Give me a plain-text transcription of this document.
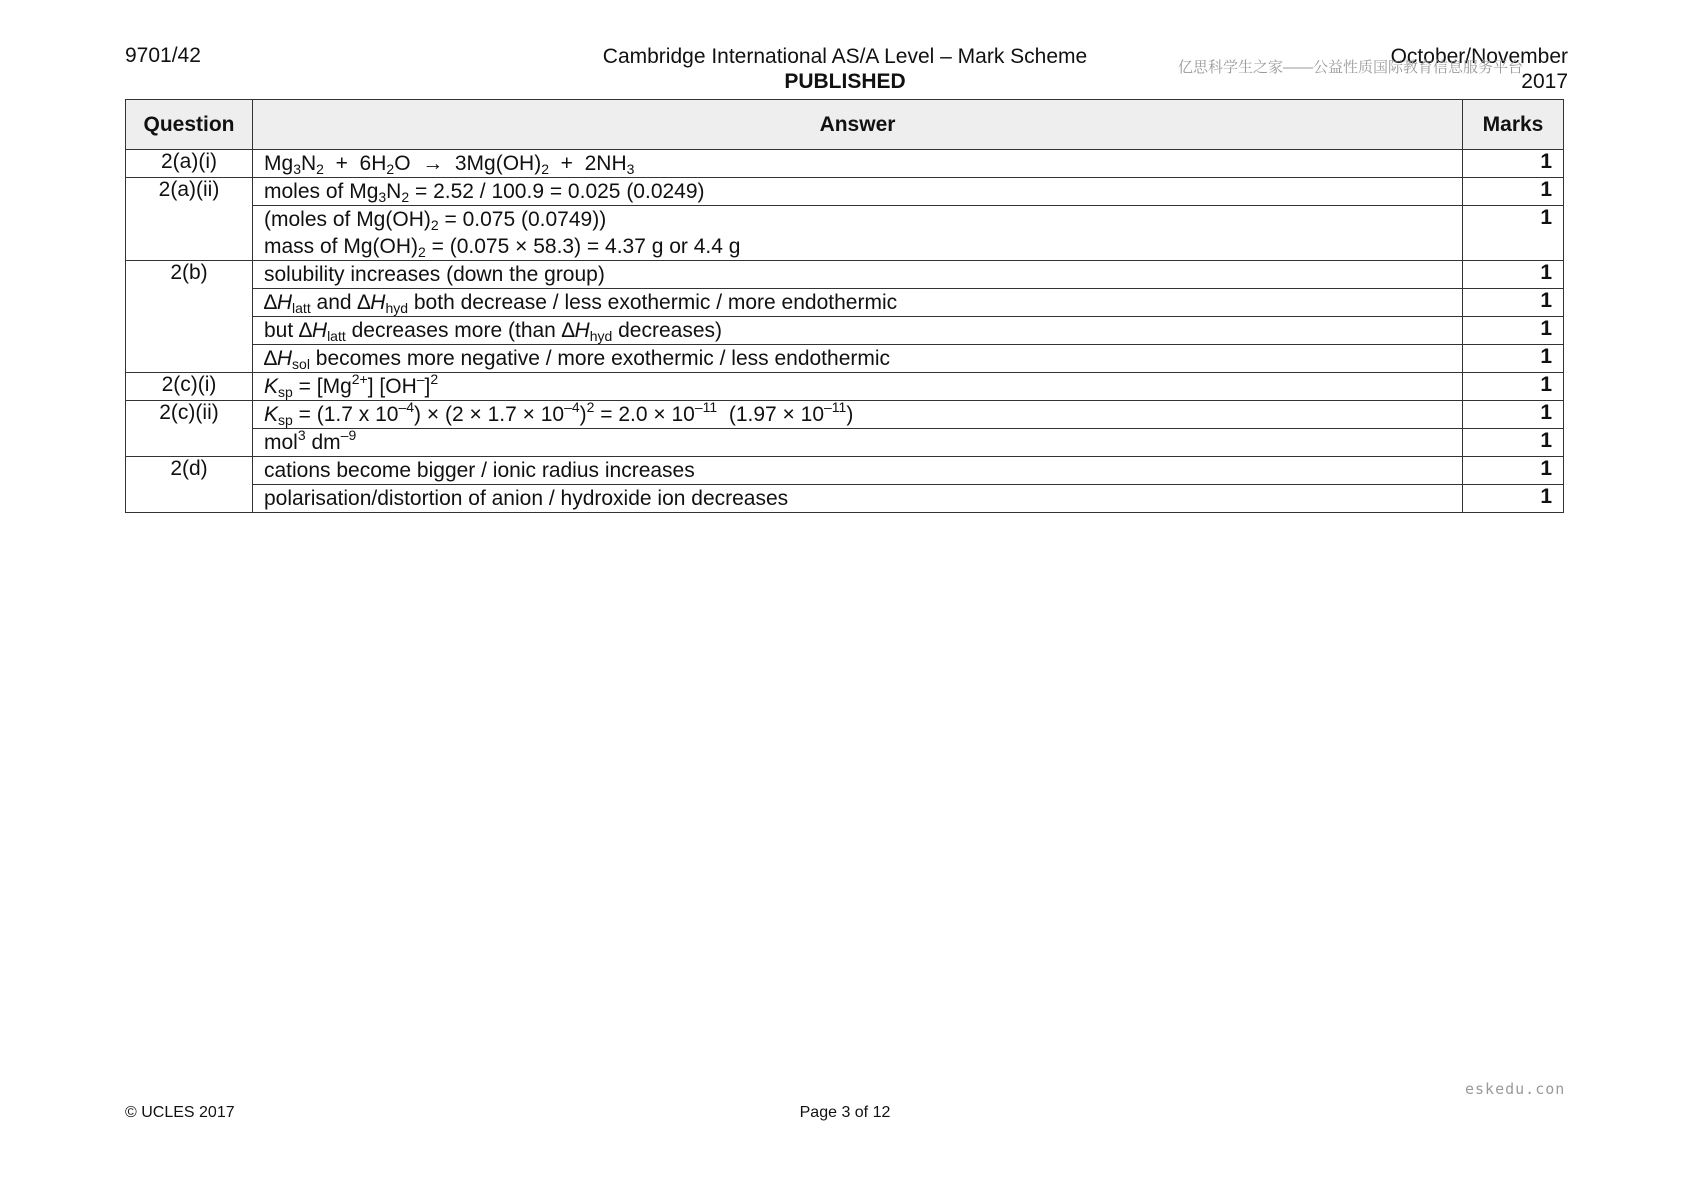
9701/42	Cambridge International AS/A Level – Mark Scheme
PUBLISHED
October/November
2017
亿思科学生之家——公益性质国际教育信息服务平台
Question	Answer	Marks
2(a)(i)	$Mg_3N_2 + 6H_2O \to 3Mg(OH)_2 + 2NH_3$	1
2(a)(ii)	moles of $Mg_3N_2 = 2.52 / 100.9 = 0.025$ (0.0249)	1

	(moles of $Mg(OH)_2 = 0.075$ (0.0749))
mass of $Mg(OH)_2 = (0.075 \times 58.3) = 4.37$ g or 4.4 g	1
2(b)	solubility increases (down the group)	1
	$\Delta H_{latt}$ and $\Delta H_{hyd}$ both decrease / less exothermic / more endothermic	1
	but $\Delta H_{latt}$ decreases more (than $\Delta H_{hyd}$ decreases)	1
	$\Delta H_{sol}$ becomes more negative / more exothermic / less endothermic	1
2(c)(i)	$K_{sp} = [Mg^{2+}]$ $[OH^-]^2$	1
2(c)(ii)	$K_{sp} = (1.7$ x $10^{-4}) \times (2 \times 1.7 \times 10^{-4})^2 = 2.0 \times 10^{-11}$  $(1.97 \times 10^{-11})$	1
	mol$^3$ $dm^{-9}$	1
2(d)	cations become bigger / ionic radius increases	1
	polarisation/distortion of anion / hydroxide ion decreases	1
eskedu.con
© UCLES 2017	Page 3 of 12
